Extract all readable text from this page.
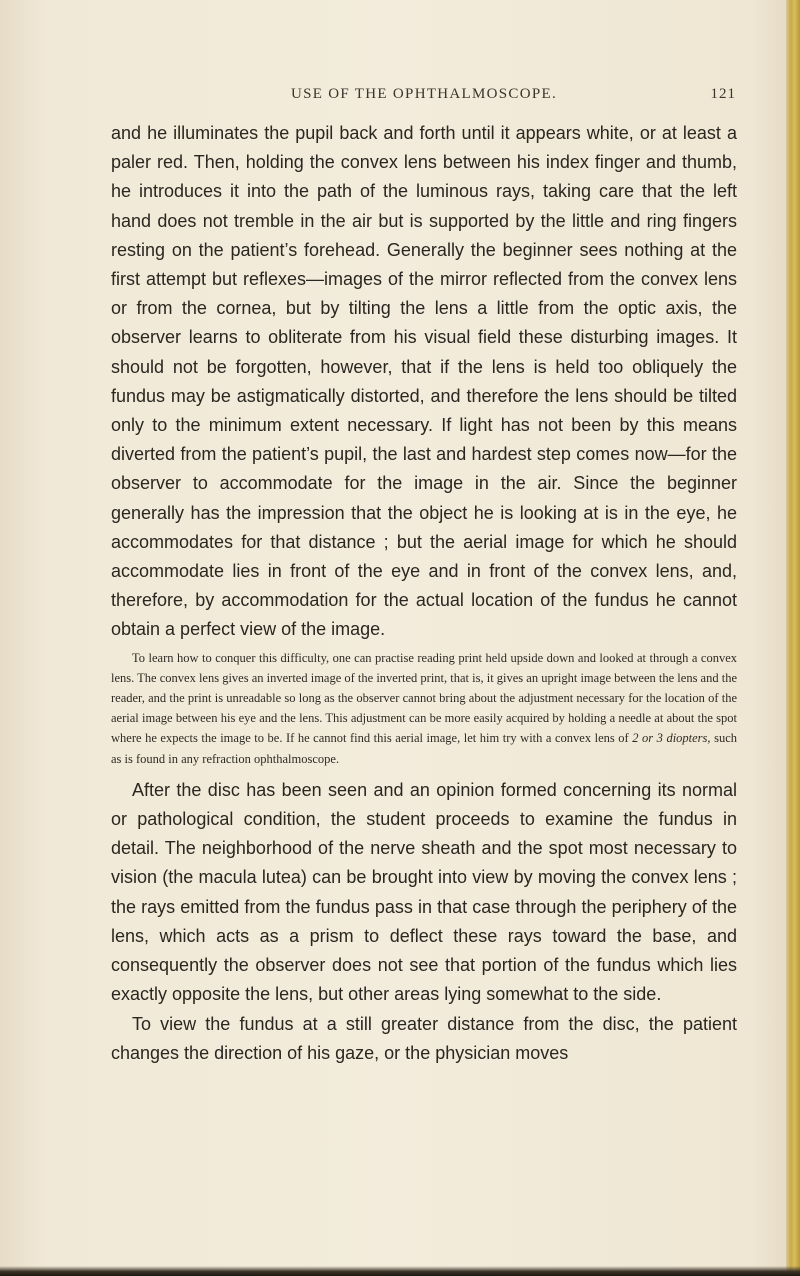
USE OF THE OPHTHALMOSCOPE.	121

and he illuminates the pupil back and forth until it appears white, or at least a paler red. Then, holding the convex lens between his index finger and thumb, he introduces it into the path of the luminous rays, taking care that the left hand does not tremble in the air but is supported by the little and ring fingers resting on the patient’s forehead. Generally the beginner sees nothing at the first attempt but reflexes—images of the mirror reflected from the convex lens or from the cornea, but by tilting the lens a little from the optic axis, the observer learns to obliterate from his visual field these disturbing images. It should not be forgotten, however, that if the lens is held too obliquely the fundus may be astigmatically distorted, and therefore the lens should be tilted only to the minimum extent necessary. If light has not been by this means diverted from the patient’s pupil, the last and hardest step comes now—for the observer to accommodate for the image in the air. Since the beginner generally has the impression that the object he is looking at is in the eye, he accommodates for that distance ; but the aerial image for which he should accommodate lies in front of the eye and in front of the convex lens, and, therefore, by accommodation for the actual location of the fundus he cannot obtain a perfect view of the image.

To learn how to conquer this difficulty, one can practise reading print held upside down and looked at through a convex lens. The convex lens gives an inverted image of the inverted print, that is, it gives an upright image between the lens and the reader, and the print is unreadable so long as the observer cannot bring about the adjustment necessary for the location of the aerial image between his eye and the lens. This adjustment can be more easily acquired by holding a needle at about the spot where he expects the image to be. If he cannot find this aerial image, let him try with a convex lens of 2 or 3 diopters, such as is found in any refraction ophthalmoscope.

After the disc has been seen and an opinion formed concerning its normal or pathological condition, the student proceeds to examine the fundus in detail. The neighborhood of the nerve sheath and the spot most necessary to vision (the macula lutea) can be brought into view by moving the convex lens ; the rays emitted from the fundus pass in that case through the periphery of the lens, which acts as a prism to deflect these rays toward the base, and consequently the observer does not see that portion of the fundus which lies exactly opposite the lens, but other areas lying somewhat to the side.

To view the fundus at a still greater distance from the disc, the patient changes the direction of his gaze, or the physician moves
